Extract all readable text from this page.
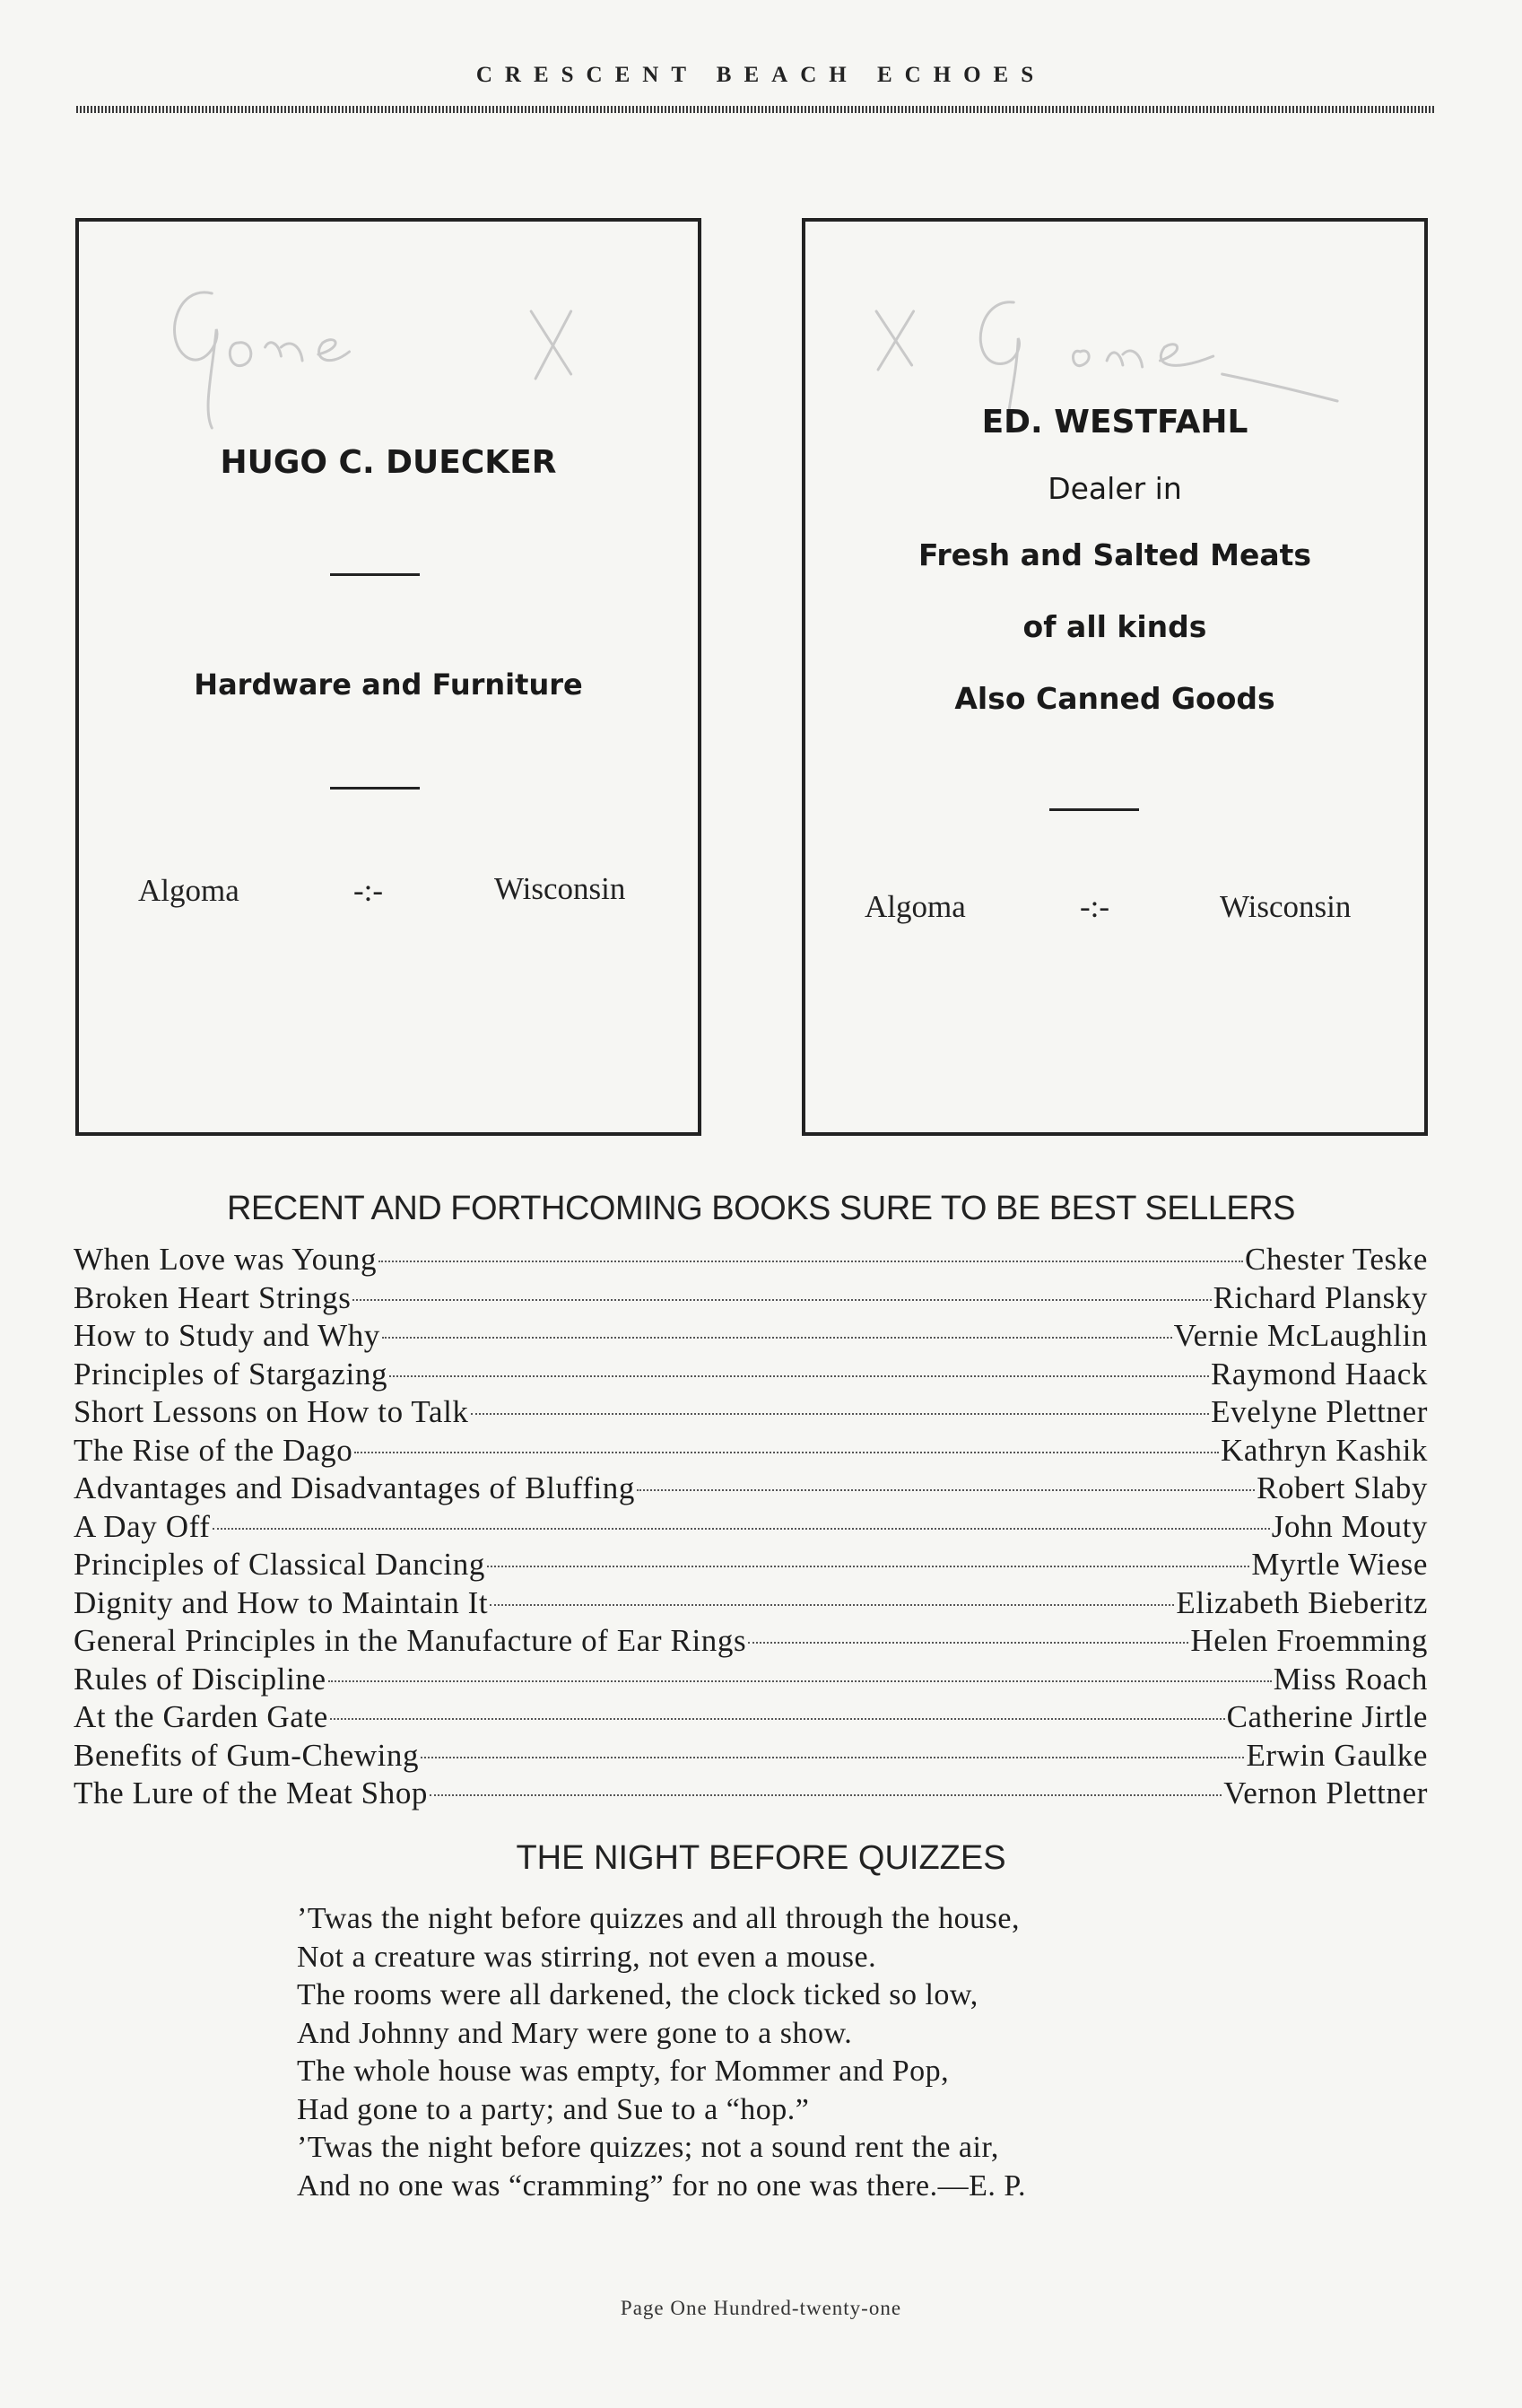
CRESCENT BEACH ECHOES
HUGO C. DUECKER
Hardware and Furniture
Algoma	-:-	Wisconsin
ED. WESTFAHL
Dealer in
Fresh and Salted Meats
of all kinds
Also Canned Goods
Algoma	-:-	Wisconsin
RECENT AND FORTHCOMING BOOKS SURE TO BE BEST SELLERS
When Love was Young	Chester Teske
Broken Heart Strings	Richard Plansky
How to Study and Why	Vernie McLaughlin
Principles of Stargazing	Raymond Haack
Short Lessons on How to Talk	Evelyne Plettner
The Rise of the Dago	Kathryn Kashik
Advantages and Disadvantages of Bluffing	Robert Slaby
A Day Off	John Mouty
Principles of Classical Dancing	Myrtle Wiese
Dignity and How to Maintain It	Elizabeth Bieberitz
General Principles in the Manufacture of Ear Rings	Helen Froemming
Rules of Discipline	Miss Roach
At the Garden Gate	Catherine Jirtle
Benefits of Gum-Chewing	Erwin Gaulke
The Lure of the Meat Shop	Vernon Plettner
THE NIGHT BEFORE QUIZZES
’Twas the night before quizzes and all through the house,
Not a creature was stirring, not even a mouse.
The rooms were all darkened, the clock ticked so low,
And Johnny and Mary were gone to a show.
The whole house was empty, for Mommer and Pop,
Had gone to a party; and Sue to a “hop.”
’Twas the night before quizzes; not a sound rent the air,
And no one was “cramming” for no one was there.—E. P.
Page One Hundred-twenty-one
